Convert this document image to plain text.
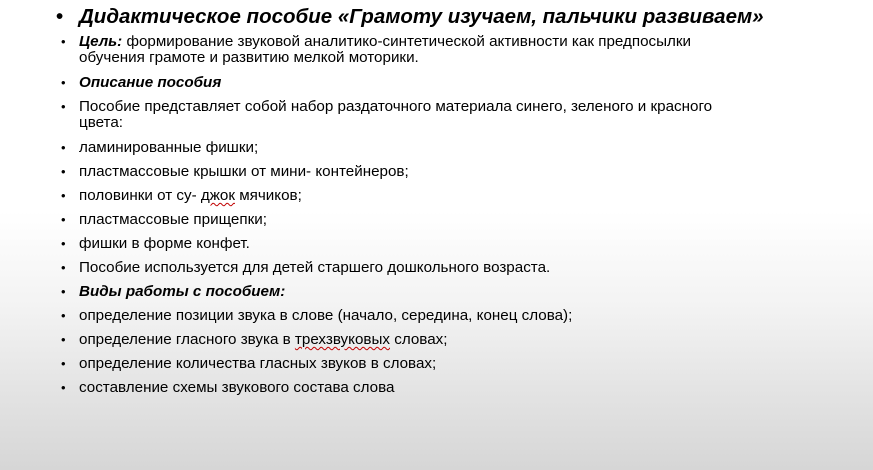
• Дидактическое пособие «Грамоту изучаем, пальчики развиваем»
• Цель: формирование звуковой аналитико-синтетической активности как предпосылки
обучения грамоте и развитию мелкой моторики.
• Описание пособия
• Пособие представляет собой набор раздаточного материала синего, зеленого и красного
цвета:
• ламинированные фишки;
• пластмассовые крышки от мини- контейнеров;
• половинки от су- джок мячиков;
• пластмассовые прищепки;
• фишки в форме конфет.
• Пособие используется для детей старшего дошкольного возраста.
• Виды работы с пособием:
• определение позиции звука в слове (начало, середина, конец слова);
• определение гласного звука в трехзвуковых словах;
• определение количества гласных звуков в словах;
• составление схемы звукового состава слова
